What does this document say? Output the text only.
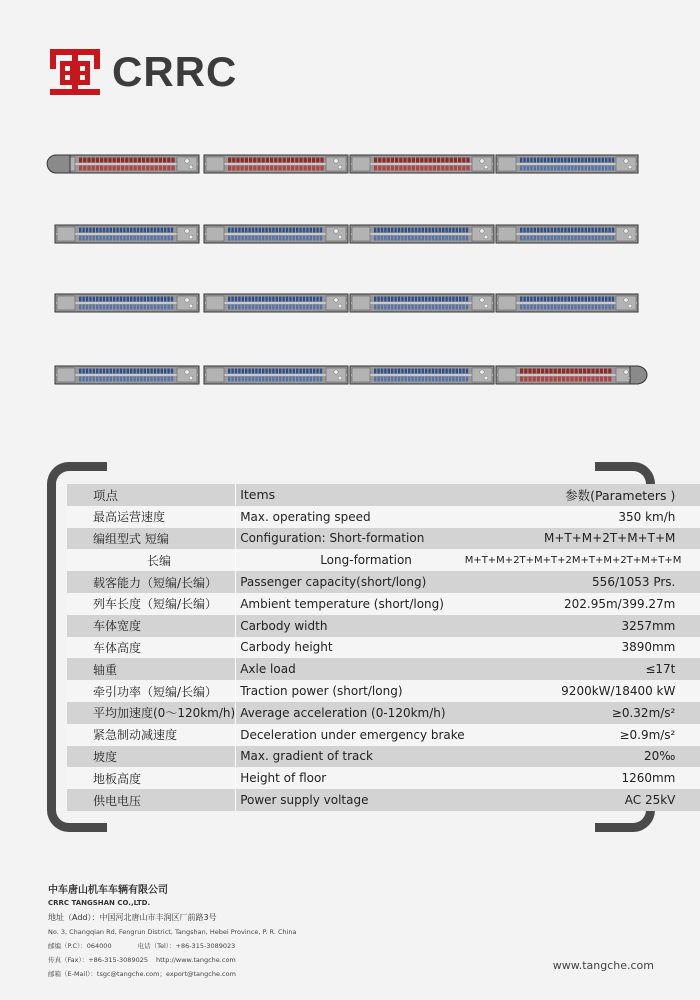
CRRC
项点	Items	参数(Parameters )
最高运营速度	Max. operating speed	350 km/h
编组型式 短编	Configuration: Short-formation	M+T+M+2T+M+T+M
长编	Long-formation	M+T+M+2T+M+T+2M+T+M+2T+M+T+M
载客能力（短编/长编）	Passenger capacity(short/long)	556/1053 Prs.
列车长度（短编/长编）	Ambient temperature (short/long)	202.95m/399.27m
车体宽度	Carbody width	3257mm
车体高度	Carbody height	3890mm
轴重	Axle load	≤17t
牵引功率（短编/长编）	Traction power (short/long)	9200kW/18400 kW
平均加速度(0～120km/h)	Average acceleration (0-120km/h)	≥0.32m/s²
紧急制动减速度	Deceleration under emergency brake	≥0.9m/s²
坡度	Max. gradient of track	20‰
地板高度	Height of floor	1260mm
供电电压	Power supply voltage	AC 25kV
中车唐山机车车辆有限公司
CRRC TANGSHAN CO.,LTD.
地址（Add）：中国河北唐山市丰润区厂前路3号
No. 3, Changqian Rd, Fengrun District, Tangshan, Hebei Province, P. R. China
邮编（P.C）：064000	电话（Tel）：+86-315-3089023
传真（Fax）：+86-315-3089025 http://www.tangche.com
邮箱（E-Mail）：tsgc@tangche.com；export@tangche.com
www.tangche.com
